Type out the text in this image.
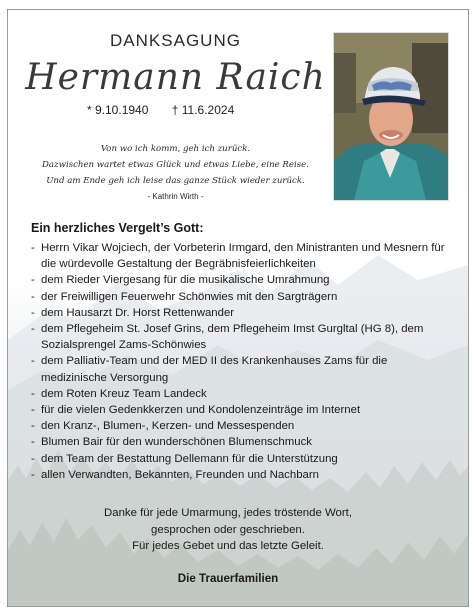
DANKSAGUNG
Hermann Raich
* 9.10.1940 † 11.6.2024
Von wo ich komm, geh ich zurück.
Dazwischen wartet etwas Glück und etwas Liebe, eine Reise.
Und am Ende geh ich leise das ganze Stück wieder zurück.
- Kathrin Wirth -
Ein herzliches Vergelt’s Gott:
- Herrn Vikar Wojciech, der Vorbeterin Irmgard, den Ministranten und Mesnern für die würdevolle Gestaltung der Begräbnisfeierlichkeiten
- dem Rieder Viergesang für die musikalische Umrahmung
- der Freiwilligen Feuerwehr Schönwies mit den Sargträgern
- dem Hausarzt Dr. Horst Rettenwander
- dem Pflegeheim St. Josef Grins, dem Pflegeheim Imst Gurgltal (HG 8), dem Sozialsprengel Zams-Schönwies
- dem Palliativ-Team und der MED II des Krankenhauses Zams für die medizinische Versorgung
- dem Roten Kreuz Team Landeck
- für die vielen Gedenkkerzen und Kondolenzeinträge im Internet
- den Kranz-, Blumen-, Kerzen- und Messespenden
- Blumen Bair für den wunderschönen Blumenschmuck
- dem Team der Bestattung Dellemann für die Unterstützung
- allen Verwandten, Bekannten, Freunden und Nachbarn
Danke für jede Umarmung, jedes tröstende Wort,
gesprochen oder geschrieben.
Für jedes Gebet und das letzte Geleit.
Die Trauerfamilien
